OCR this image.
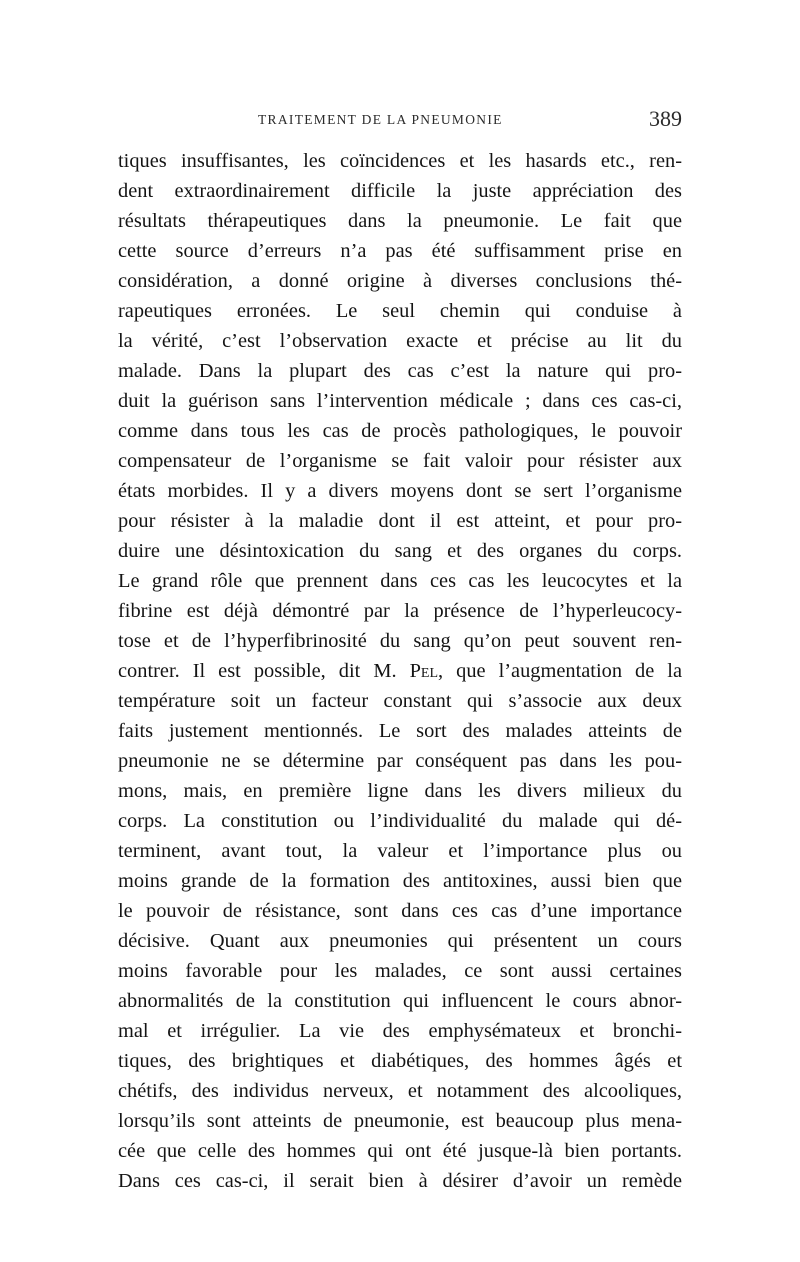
TRAITEMENT DE LA PNEUMONIE	389
tiques insuffisantes, les coïncidences et les hasards etc., ren-
dent extraordinairement difficile la juste appréciation des
résultats thérapeutiques dans la pneumonie. Le fait que
cette source d’erreurs n’a pas été suffisamment prise en
considération, a donné origine à diverses conclusions thé-
rapeutiques erronées. Le seul chemin qui conduise à
la vérité, c’est l’observation exacte et précise au lit du
malade. Dans la plupart des cas c’est la nature qui pro-
duit la guérison sans l’intervention médicale ; dans ces cas-ci,
comme dans tous les cas de procès pathologiques, le pouvoir
compensateur de l’organisme se fait valoir pour résister aux
états morbides. Il y a divers moyens dont se sert l’organisme
pour résister à la maladie dont il est atteint, et pour pro-
duire une désintoxication du sang et des organes du corps.
Le grand rôle que prennent dans ces cas les leucocytes et la
fibrine est déjà démontré par la présence de l’hyperleucocy-
tose et de l’hyperfibrinosité du sang qu’on peut souvent ren-
contrer. Il est possible, dit M. Pel, que l’augmentation de la
température soit un facteur constant qui s’associe aux deux
faits justement mentionnés. Le sort des malades atteints de
pneumonie ne se détermine par conséquent pas dans les pou-
mons, mais, en première ligne dans les divers milieux du
corps. La constitution ou l’individualité du malade qui dé-
terminent, avant tout, la valeur et l’importance plus ou
moins grande de la formation des antitoxines, aussi bien que
le pouvoir de résistance, sont dans ces cas d’une importance
décisive. Quant aux pneumonies qui présentent un cours
moins favorable pour les malades, ce sont aussi certaines
abnormalités de la constitution qui influencent le cours abnor-
mal et irrégulier. La vie des emphysémateux et bronchi-
tiques, des brightiques et diabétiques, des hommes âgés et
chétifs, des individus nerveux, et notamment des alcooliques,
lorsqu’ils sont atteints de pneumonie, est beaucoup plus mena-
cée que celle des hommes qui ont été jusque-là bien portants.
Dans ces cas-ci, il serait bien à désirer d’avoir un remède
